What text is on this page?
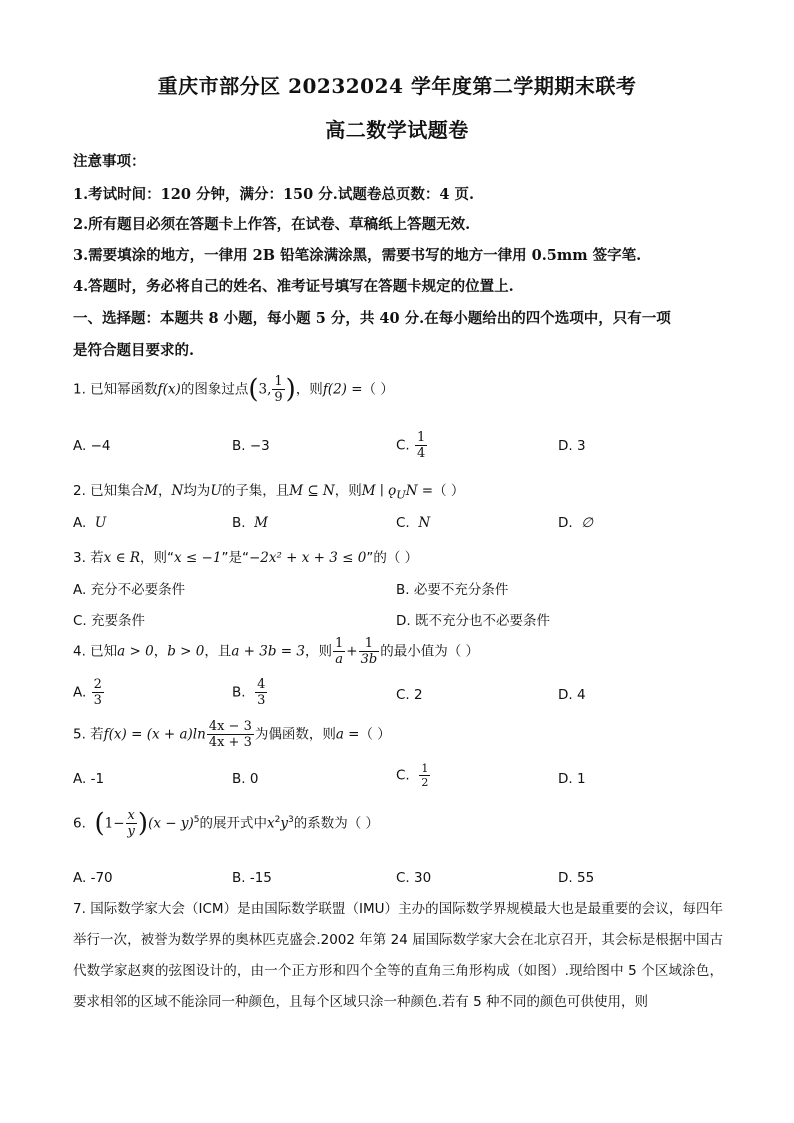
重庆市部分区 20232024 学年度第二学期期末联考
高二数学试题卷
注意事项：
1.考试时间：120 分钟，满分：150 分.试题卷总页数：4 页.
2.所有题目必须在答题卡上作答，在试卷、草稿纸上答题无效.
3.需要填涂的地方，一律用 2B 铅笔涂满涂黑，需要书写的地方一律用 0.5mm 签字笔.
4.答题时，务必将自己的姓名、准考证号填写在答题卡规定的位置上.
一、选择题：本题共 8 小题，每小题 5 分，共 40 分.在每小题给出的四个选项中，只有一项
是符合题目要求的.
1. 已知幂函数f(x)的图象过点(3, $\frac{1}{9}$ )，则f(2) =（ ）
A. −4	B. −3	C. $\frac{1}{4}$	D. 3
2. 已知集合M，N均为U的子集，且M ⊆ N，则M ∣ $ǫ_UN$ =（ ）
A. U	B. M	C. N	D. ∅
3. 若x ∈ R，则“x ≤ −1”是“−2x² + x + 3 ≤ 0”的（ ）
A. 充分不必要条件	B. 必要不充分条件
C. 充要条件	D. 既不充分也不必要条件
4. 已知a > 0，b > 0，且a + 3b = 3，则 $\frac{1}{a} + \frac{1}{3b}$ 的最小值为（ ）
A. $\frac{2}{3}$	B. $\frac{4}{3}$	C. 2	D. 4
5. 若$f(x) = (x + a)\ln \frac{4x - 3}{4x + 3}$ 为偶函数，则a =（ ）
A. -1	B. 0	C. $\frac{1}{2}$	D. 1
6. $(1- \frac{x}{y} )(x - y)^5$的展开式中$x^2y^3$的系数为（ ）
A. -70	B. -15	C. 30	D. 55
7. 国际数学家大会（ICM）是由国际数学联盟（IMU）主办的国际数学界规模最大也是最重要的会议，每四年举行一次，被誉为数学界的奥林匹克盛会.2002 年第 24 届国际数学家大会在北京召开，其会标是根据中国古代数学家赵爽的弦图设计的，由一个正方形和四个全等的直角三角形构成（如图）.现给图中 5 个区域涂色，要求相邻的区域不能涂同一种颜色，且每个区域只涂一种颜色.若有 5 种不同的颜色可供使用，则
